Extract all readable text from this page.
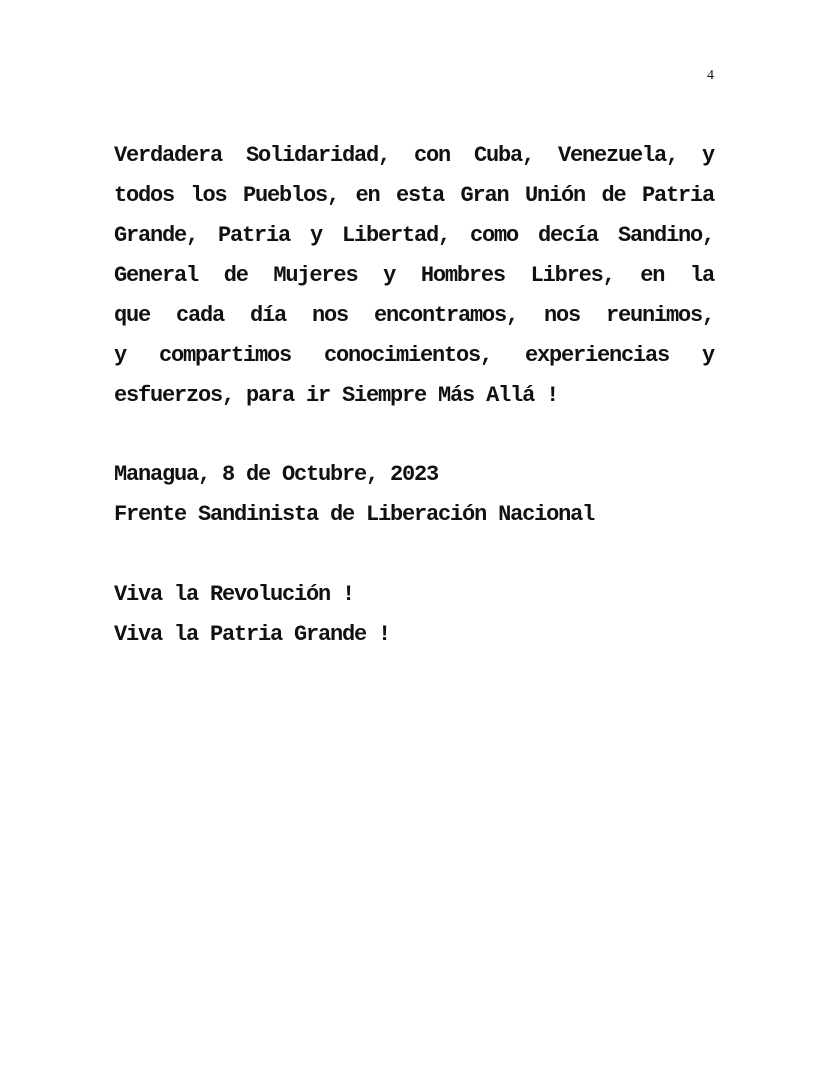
4
Verdadera Solidaridad, con Cuba, Venezuela, y
todos los Pueblos, en esta Gran Unión de Patria
Grande, Patria y Libertad, como decía Sandino,
General de Mujeres y Hombres Libres, en la
que cada día nos encontramos, nos reunimos,
y compartimos conocimientos, experiencias y
esfuerzos, para ir Siempre Más Allá !
Managua, 8 de Octubre, 2023
Frente Sandinista de Liberación Nacional
Viva la Revolución !
Viva la Patria Grande !
